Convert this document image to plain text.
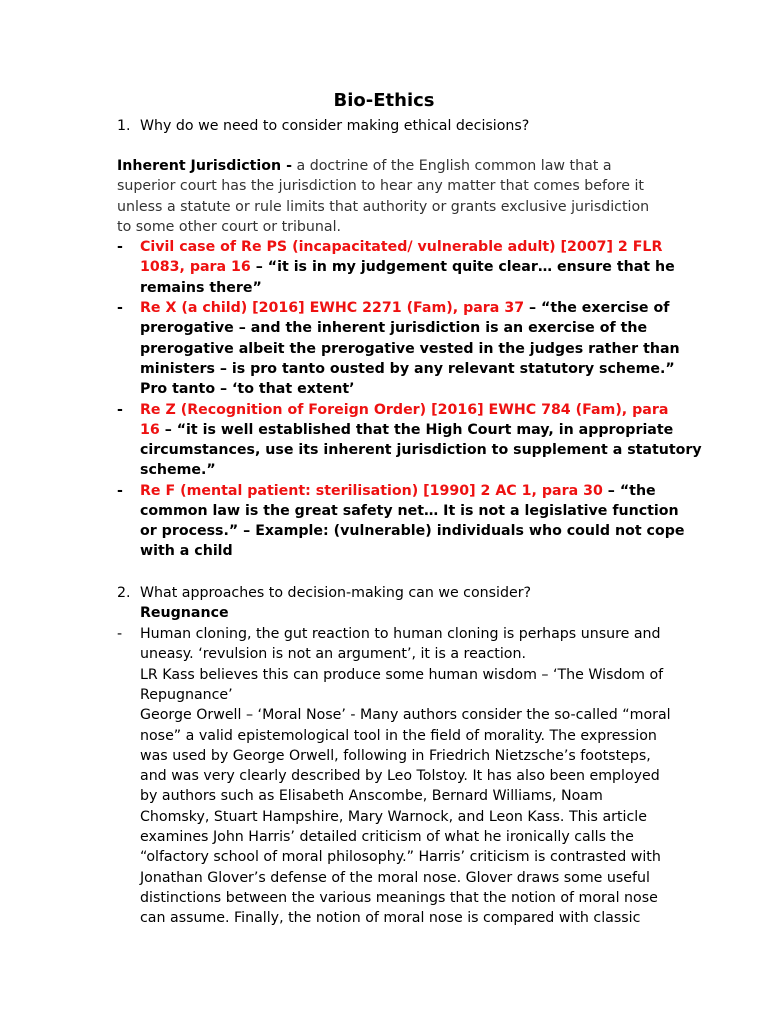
Bio-Ethics
1. Why do we need to consider making ethical decisions?
Inherent Jurisdiction - a doctrine of the English common law that a
superior court has the jurisdiction to hear any matter that comes before it
unless a statute or rule limits that authority or grants exclusive jurisdiction
to some other court or tribunal.
- Civil case of Re PS (incapacitated/ vulnerable adult) [2007] 2 FLR
1083, para 16 – “it is in my judgement quite clear… ensure that he
remains there”
- Re X (a child) [2016] EWHC 2271 (Fam), para 37 – “the exercise of
prerogative – and the inherent jurisdiction is an exercise of the
prerogative albeit the prerogative vested in the judges rather than
ministers – is pro tanto ousted by any relevant statutory scheme.”
Pro tanto – ‘to that extent’
- Re Z (Recognition of Foreign Order) [2016] EWHC 784 (Fam), para
16 – “it is well established that the High Court may, in appropriate
circumstances, use its inherent jurisdiction to supplement a statutory
scheme.”
- Re F (mental patient: sterilisation) [1990] 2 AC 1, para 30 – “the
common law is the great safety net… It is not a legislative function
or process.” – Example: (vulnerable) individuals who could not cope
with a child
2. What approaches to decision-making can we consider?
Reugnance
- Human cloning, the gut reaction to human cloning is perhaps unsure and
uneasy. ‘revulsion is not an argument’, it is a reaction.
LR Kass believes this can produce some human wisdom – ‘The Wisdom of
Repugnance’
George Orwell – ‘Moral Nose’ - Many authors consider the so-called “moral
nose” a valid epistemological tool in the field of morality. The expression
was used by George Orwell, following in Friedrich Nietzsche’s footsteps,
and was very clearly described by Leo Tolstoy. It has also been employed
by authors such as Elisabeth Anscombe, Bernard Williams, Noam
Chomsky, Stuart Hampshire, Mary Warnock, and Leon Kass. This article
examines John Harris’ detailed criticism of what he ironically calls the
“olfactory school of moral philosophy.” Harris’ criticism is contrasted with
Jonathan Glover’s defense of the moral nose. Glover draws some useful
distinctions between the various meanings that the notion of moral nose
can assume. Finally, the notion of moral nose is compared with classic
